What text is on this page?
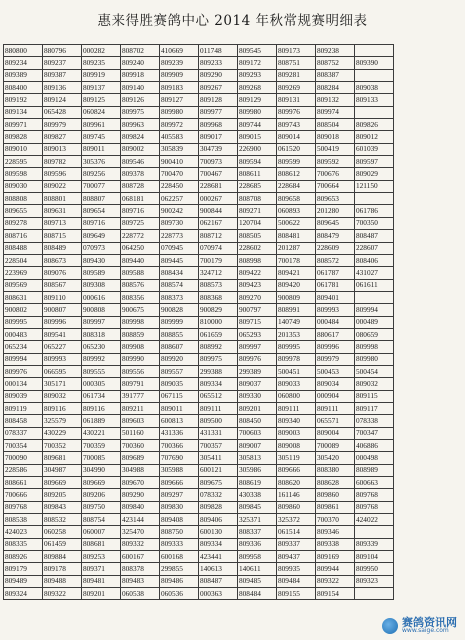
惠来得胜赛鸽中心 2014 年秋常规赛明细表
880800	880796	000282	808702	410669	011748	809545	809173	809238	
809234	809237	809235	809240	809239	809233	809172	808751	808752	809390
809389	809387	809919	809918	809909	809290	809293	809281	808387	
808400	809136	809137	809140	809183	809267	809268	809269	808284	809038
809192	809124	809125	809126	809127	809128	809129	809131	809132	809133
809134	065428	060824	809975	809980	809977	809980	809976	809974	
809971	809979	809961	809963	809972	809968	809744	809743	808504	809826
809828	809827	809745	809824	405583	809017	809015	809014	809018	809012
809010	809013	809011	809002	305839	304739	226900	061520	500419	601039
228595	809782	305376	809546	900410	700973	809594	809599	809592	809597
809598	809596	809256	809378	700470	700467	808611	808612	700676	809029
809030	809022	700077	808728	228450	228681	228685	228684	700664	121150
808808	808801	808807	068181	062257	000267	808708	809658	809653	
809655	809631	809654	809716	900242	900844	809271	060893	201280	061786
809278	809713	809716	809725	809730	062167	120704	500622	809645	700350
808716	808715	809649	228772	228773	808712	808505	808481	808479	808487
808488	808489	070973	064250	070945	070974	228602	201287	228609	228607
228504	808673	809430	809440	809445	700179	808998	700178	808572	808406
223969	809076	809589	809588	808434	324712	809422	809421	061787	431027
809569	808567	809308	808576	808574	808573	809423	809420	061781	061611
808631	809110	000616	808356	808373	808368	809270	900809	809401	
900802	900807	900808	900675	900828	900829	900797	808991	809993	809994
809995	809996	809997	809998	809999	810000	809715	140749	000484	000489
000483	809541	808318	808859	808855	061659	065293	201353	880617	080659
065234	065227	065230	809908	808607	808992	809997	809995	809996	809998
809994	809993	809992	809990	809920	809975	809976	809978	809979	809980
809976	066595	809555	809556	809557	299388	299389	500451	500453	500454
000134	305171	000305	809791	809035	809334	809037	809033	809034	809032
809039	809032	061734	391777	067115	065512	809330	060800	000904	809115
809119	809116	809116	809211	809011	809111	809201	809111	809111	809117
808458	325579	061889	809603	600813	809500	808450	809340	065571	078338
078337	430229	430221	501160	431336	431331	700603	809003	809004	700347
700354	700352	700359	700360	700366	700357	809007	809008	700089	406886
700090	809681	700085	809689	707690	305411	305813	305119	305420	000498
228586	304987	304990	304988	305988	600121	305986	809666	808380	808989
808661	809669	809669	809670	809666	809675	808619	808620	808628	600663
700666	809205	809206	809290	809297	078332	430338	161146	809860	809768
809768	809843	809750	809840	809830	809828	809845	809860	809861	809768
808538	808532	808754	423144	809408	809406	325371	325372	700370	424022
424023	060258	060007	325470	808750	600130	808337	061514	809346	
808335	061459	808681	809332	809333	809334	809336	809337	809338	809339
808926	809884	809253	600167	600168	423441	809958	809437	809169	809104
809179	809178	809371	808378	299855	140613	140611	809935	809944	809950
809489	809488	809481	809483	809486	808487	809485	809484	809322	809323
809324	809322	809201	060538	060536	000363	808484	809155	809154	
赛鸽资讯网
www.saige.com
